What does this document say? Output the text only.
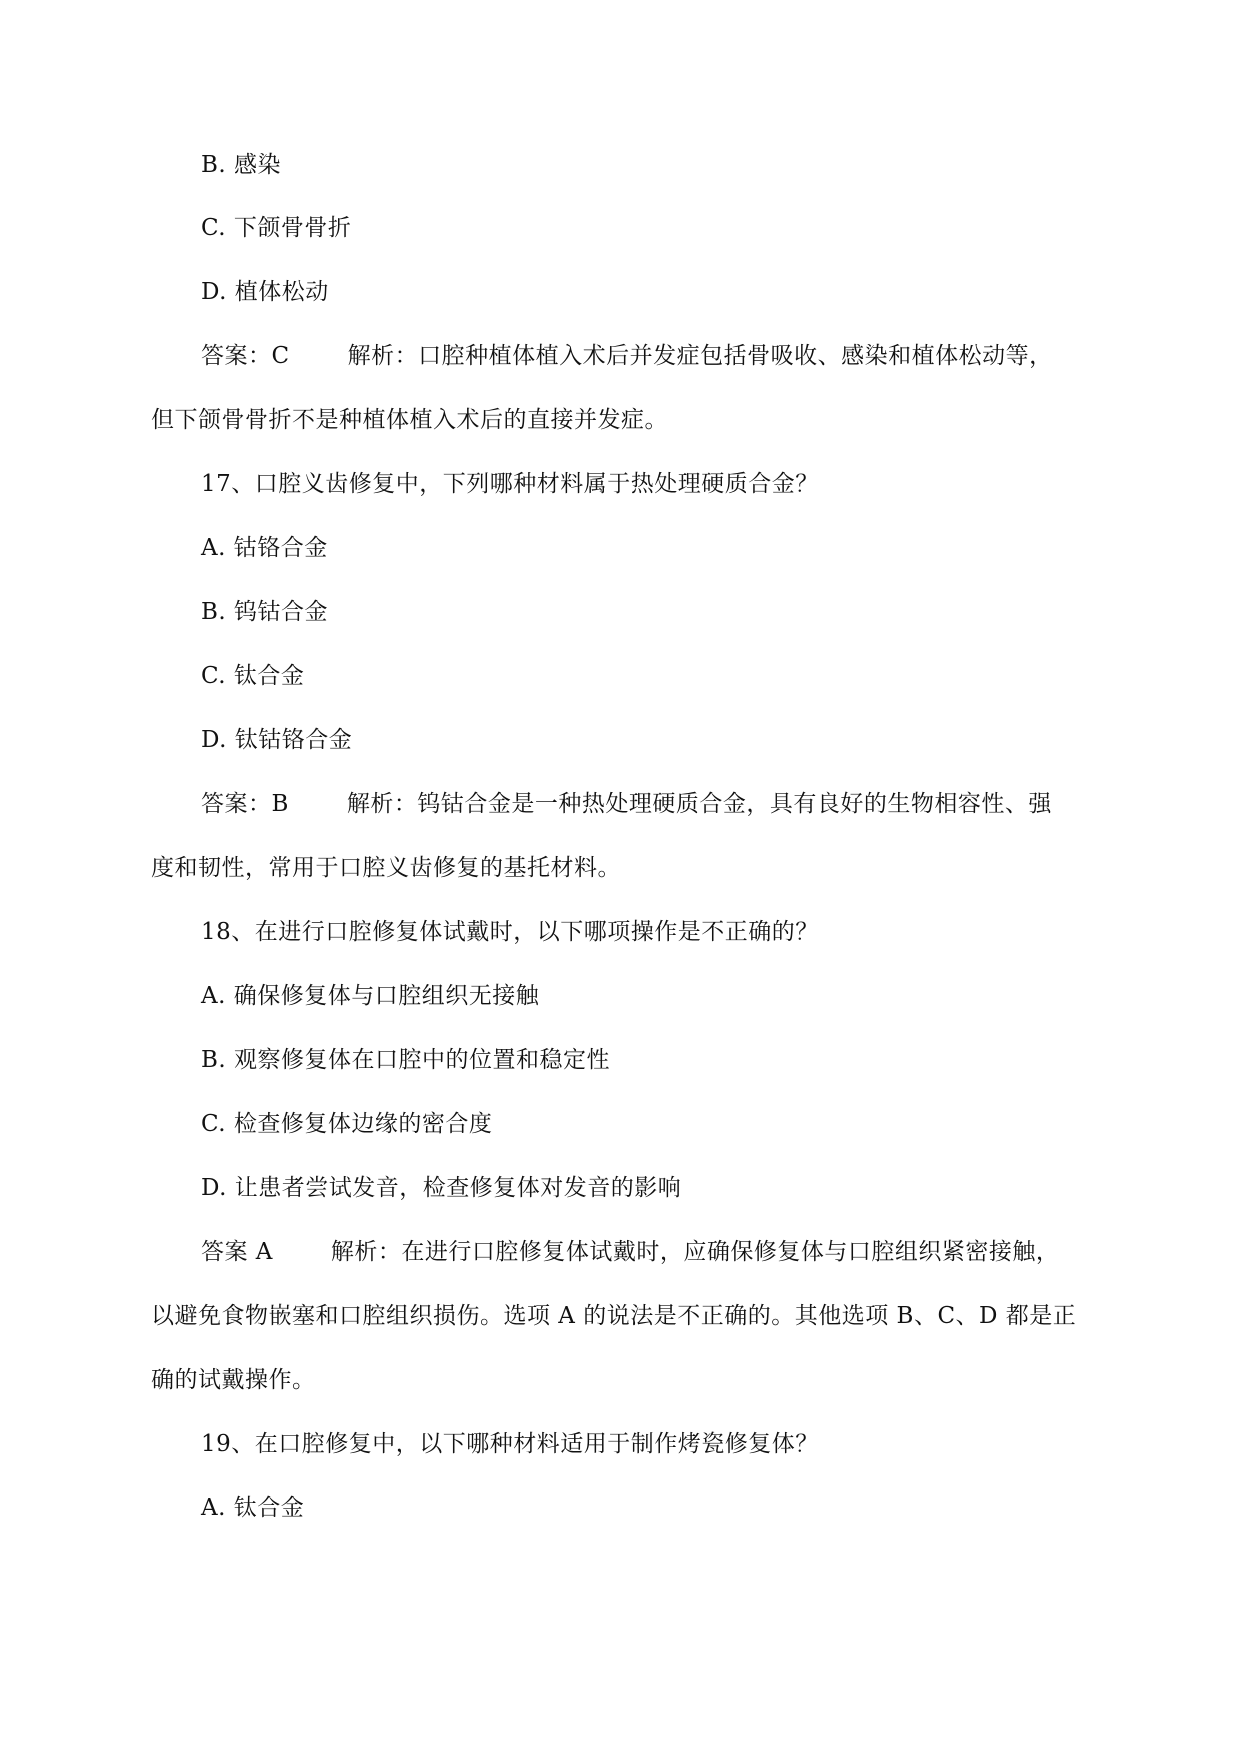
B. 感染
C. 下颌骨骨折
D. 植体松动
答案：C	解析：口腔种植体植入术后并发症包括骨吸收、感染和植体松动等，
但下颌骨骨折不是种植体植入术后的直接并发症。
17、口腔义齿修复中，下列哪种材料属于热处理硬质合金？
A. 钴铬合金
B. 钨钴合金
C. 钛合金
D. 钛钴铬合金
答案：B	解析：钨钴合金是一种热处理硬质合金，具有良好的生物相容性、强
度和韧性，常用于口腔义齿修复的基托材料。
18、在进行口腔修复体试戴时，以下哪项操作是不正确的？
A. 确保修复体与口腔组织无接触
B. 观察修复体在口腔中的位置和稳定性
C. 检查修复体边缘的密合度
D. 让患者尝试发音，检查修复体对发音的影响
答案 A	解析：在进行口腔修复体试戴时，应确保修复体与口腔组织紧密接触，
以避免食物嵌塞和口腔组织损伤。选项 A 的说法是不正确的。其他选项 B、C、D 都是正
确的试戴操作。
19、在口腔修复中，以下哪种材料适用于制作烤瓷修复体？
A. 钛合金
